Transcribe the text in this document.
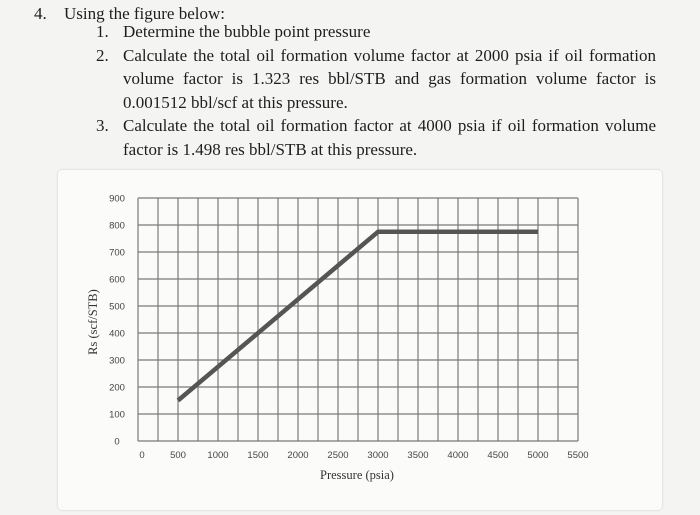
4. Using the figure below:
1. Determine the bubble point pressure
2. Calculate the total oil formation volume factor at 2000 psia if oil formation volume factor is 1.323 res bbl/STB and gas formation volume factor is 0.001512 bbl/scf at this pressure.
3. Calculate the total oil formation factor at 4000 psia if oil formation volume factor is 1.498 res bbl/STB at this pressure.
0
100
200
300
400
500
600
700
800
900
0	500 1000 1500 2000 2500 3000 3500 4000 4500 5000 5500
Pressure (psia)
Rs (scf/STB)
